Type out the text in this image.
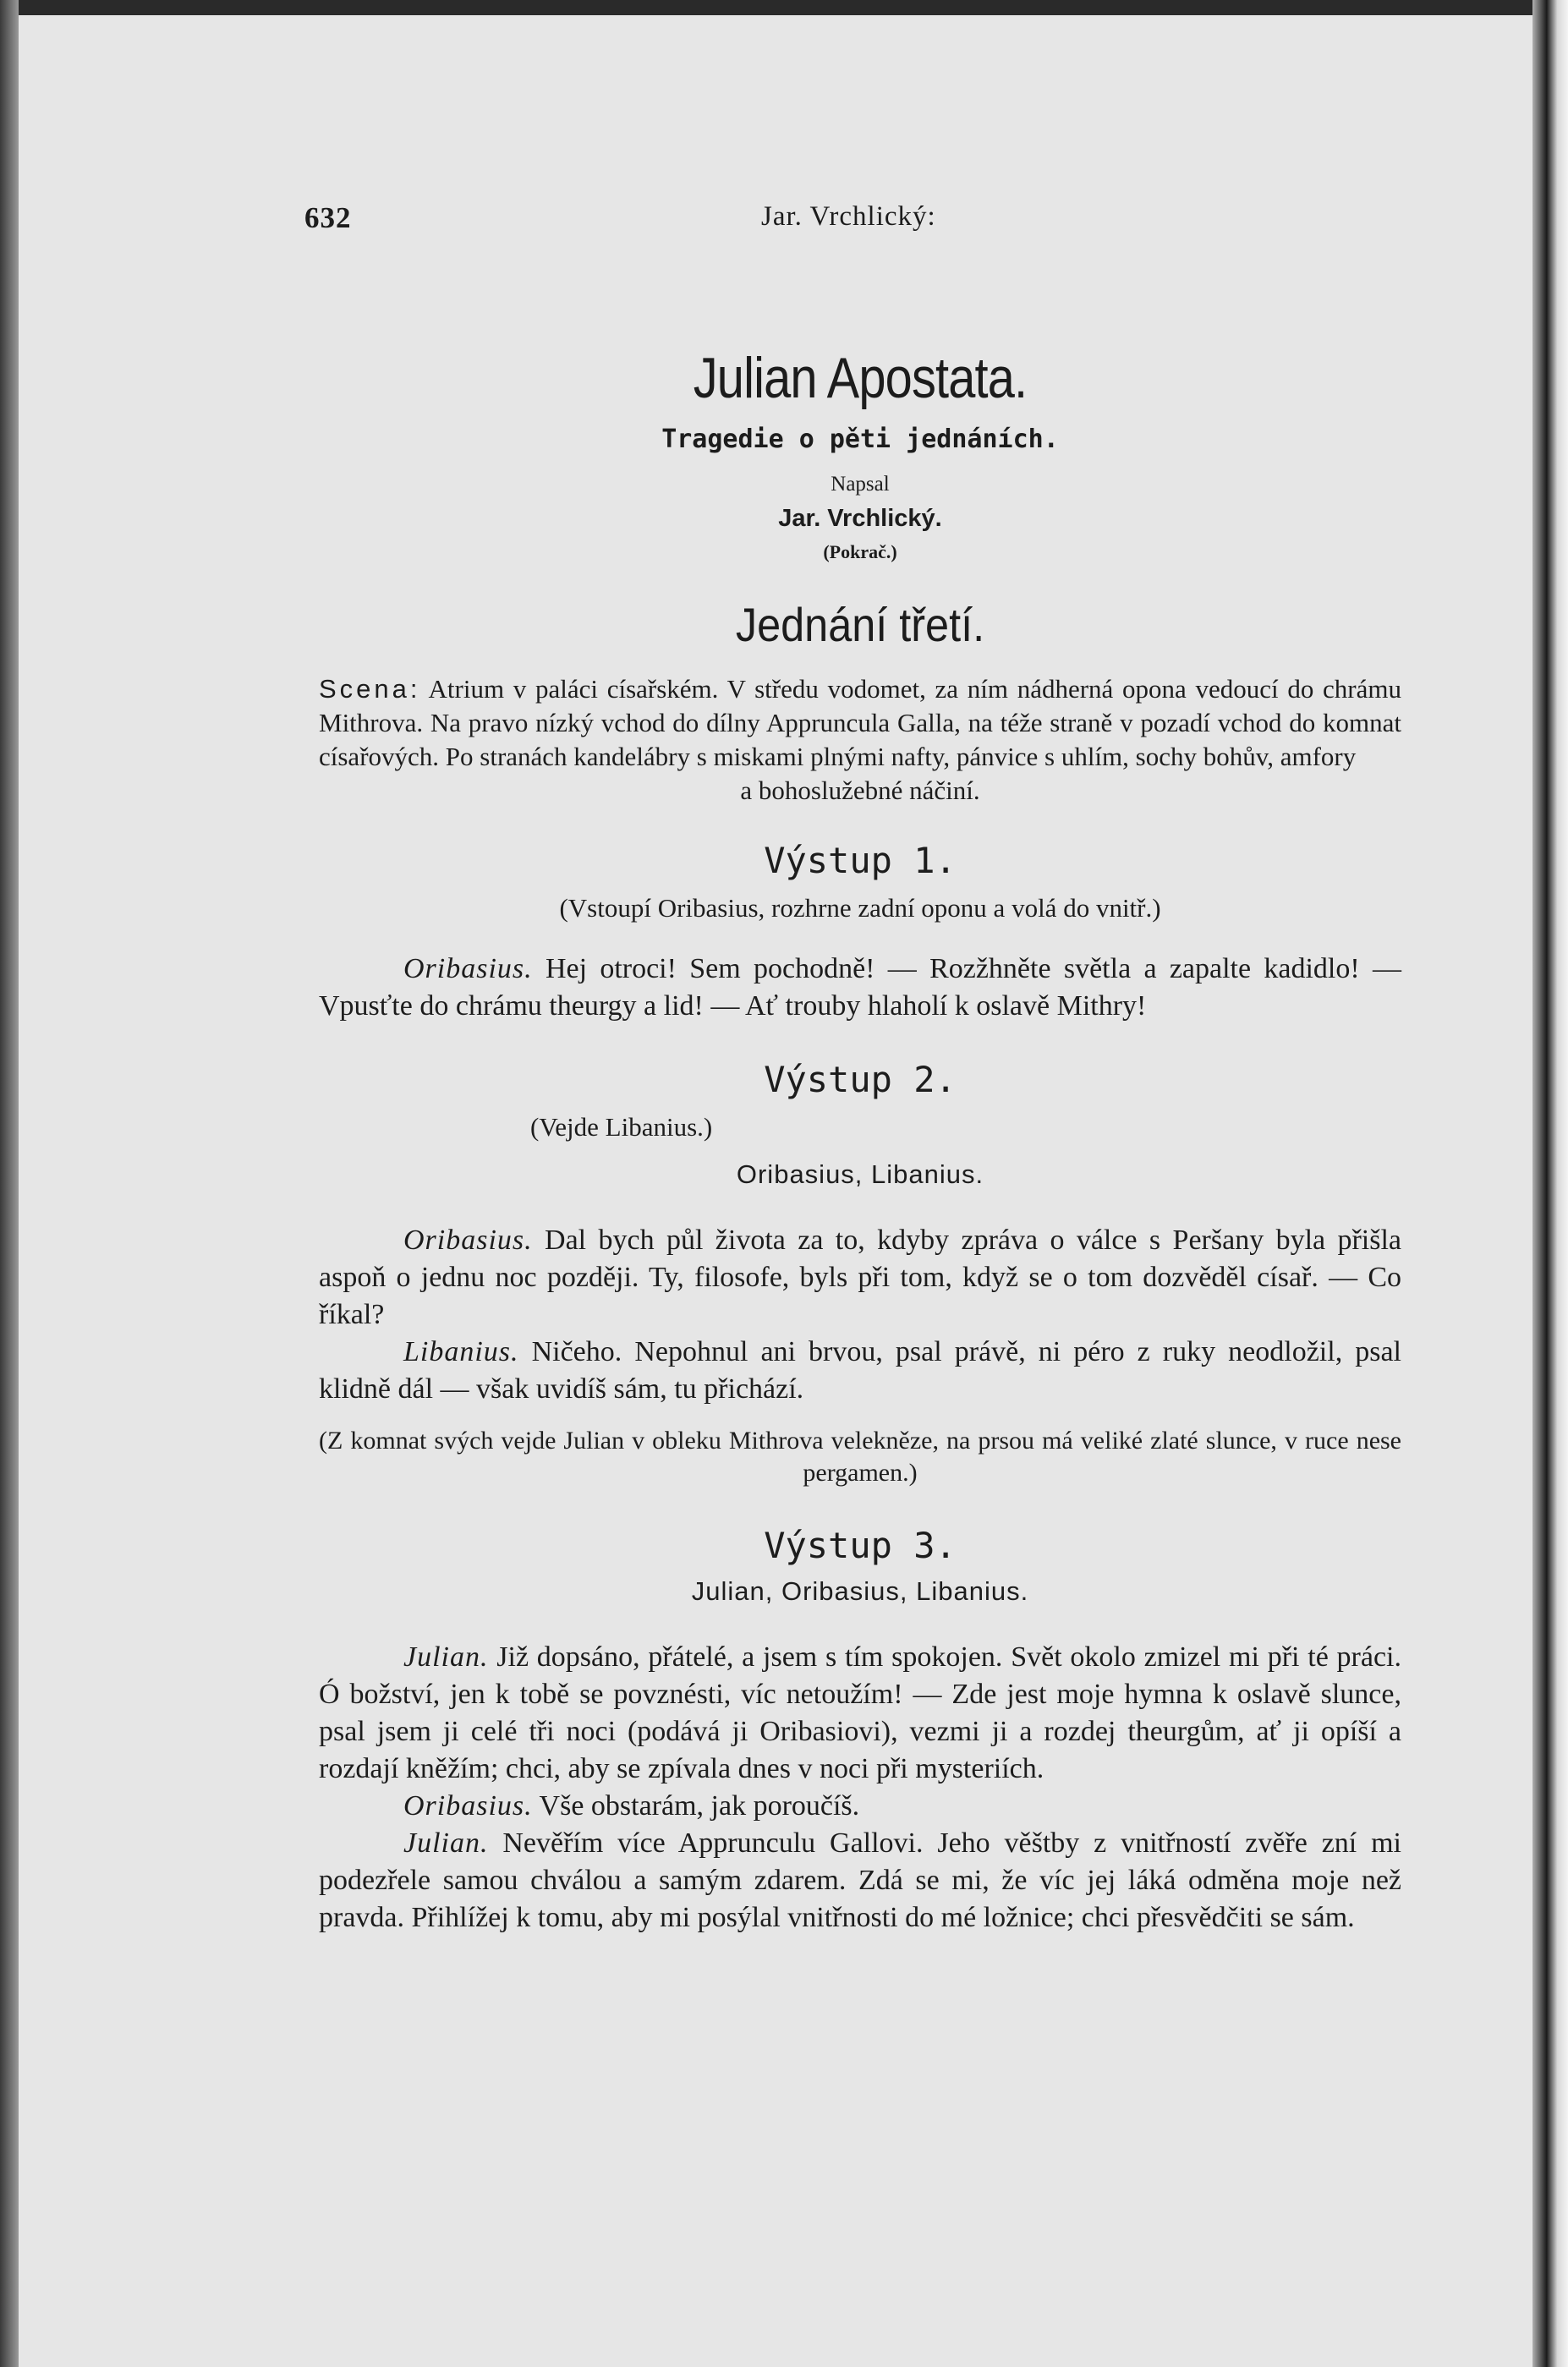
632	Jar. Vrchlický:
Julian Apostata.
Tragedie o pěti jednáních.
Napsal
Jar. Vrchlický.
(Pokrač.)
Jednání třetí.

Scena: Atrium v paláci císařském. V středu vodomet, za ním nádherná opona vedoucí do chrámu Mithrova. Na pravo nízký vchod do dílny Apprunculа Galla, na téže straně v pozadí vchod do komnat císařových. Po stranách kandelábry s miskami plnými nafty, pánvice s uhlím, sochy bohův, amfory

a bohoslužebné náčiní.

Výstup 1.
(Vstoupí Oribasius, rozhrne zadní oponu a volá do vnitř.)

Oribasius. Hej otroci! Sem pochodně! — Rozžhněte světla a zapalte kadidlo! — Vpusťte do chrámu theurgy a lid! — Ať trouby hlaholí k oslavě Mithry!

Výstup 2.
(Vejde Libanius.)
Oribasius, Libanius.

Oribasius. Dal bych půl života za to, kdyby zpráva o válce s Peršany byla přišla aspoň o jednu noc později. Ty, filosofe, byls při tom, když se o tom dozvěděl císař. — Co říkal?

Libanius. Ničeho. Nepohnul ani brvou, psal právě, ni péro z ruky neodložil, psal klidně dál — však uvidíš sám, tu přichází.

(Z komnat svých vejde Julian v obleku Mithrova velekněze, na prsou má veliké zlaté slunce, v ruce nese pergamen.)

Výstup 3.
Julian, Oribasius, Libanius.

Julian. Již dopsáno, přátelé, a jsem s tím spokojen. Svět okolo zmizel mi při té práci. Ó božství, jen k tobě se povznésti, víc netoužím! — Zde jest moje hymna k oslavě slunce, psal jsem ji celé tři noci (podává ji Oribasiovi), vezmi ji a rozdej theurgům, ať ji opíší a rozdají kněžím; chci, aby se zpívala dnes v noci při mysteriích.

Oribasius. Vše obstarám, jak poroučíš.

Julian. Nevěřím více Apprunculu Gallovi. Jeho věštby z vnitřností zvěře zní mi podezřele samou chválou a samým zdarem. Zdá se mi, že víc jej láká odměna moje než pravda. Přihlížej k tomu, aby mi posýlal vnitřnosti do mé ložnice; chci přesvědčiti se sám.
